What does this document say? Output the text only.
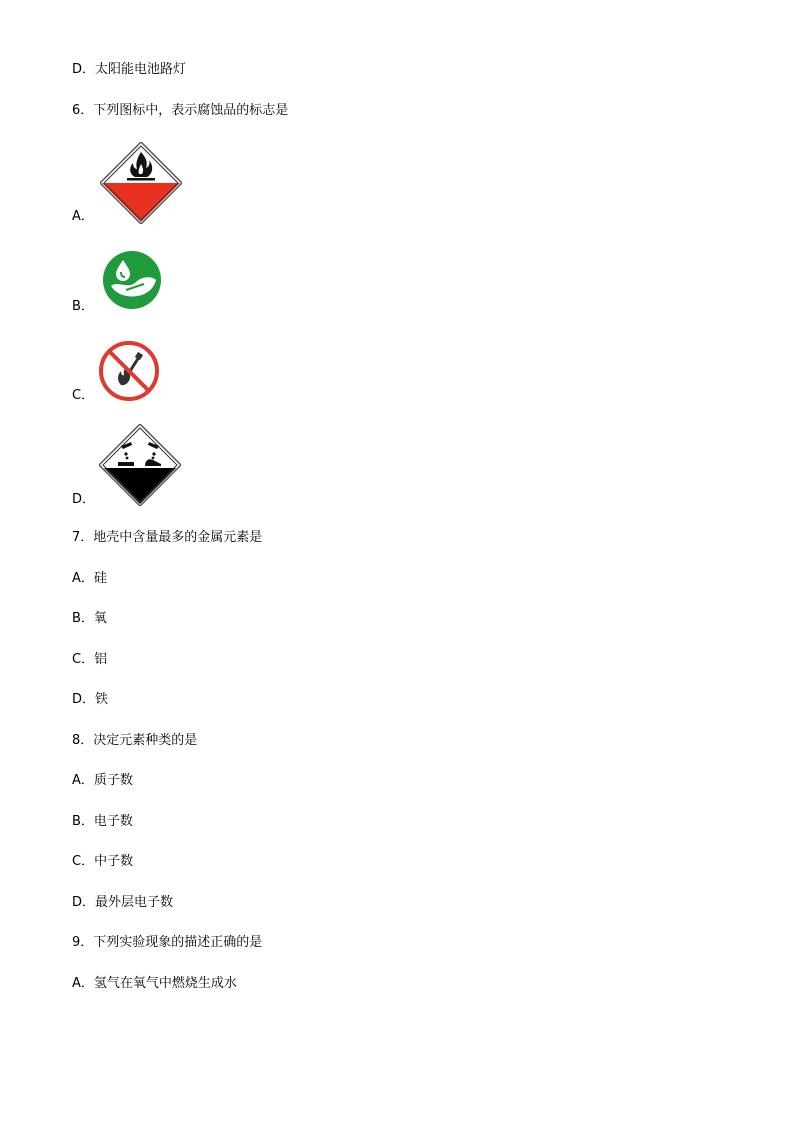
D．太阳能电池路灯
6．下列图标中，表示腐蚀品的标志是
A．
B．
C．
D．
7．地壳中含量最多的金属元素是
A．硅
B．氧
C．铝
D．铁
8．决定元素种类的是
A．质子数
B．电子数
C．中子数
D．最外层电子数
9．下列实验现象的描述正确的是
A．氢气在氧气中燃烧生成水
